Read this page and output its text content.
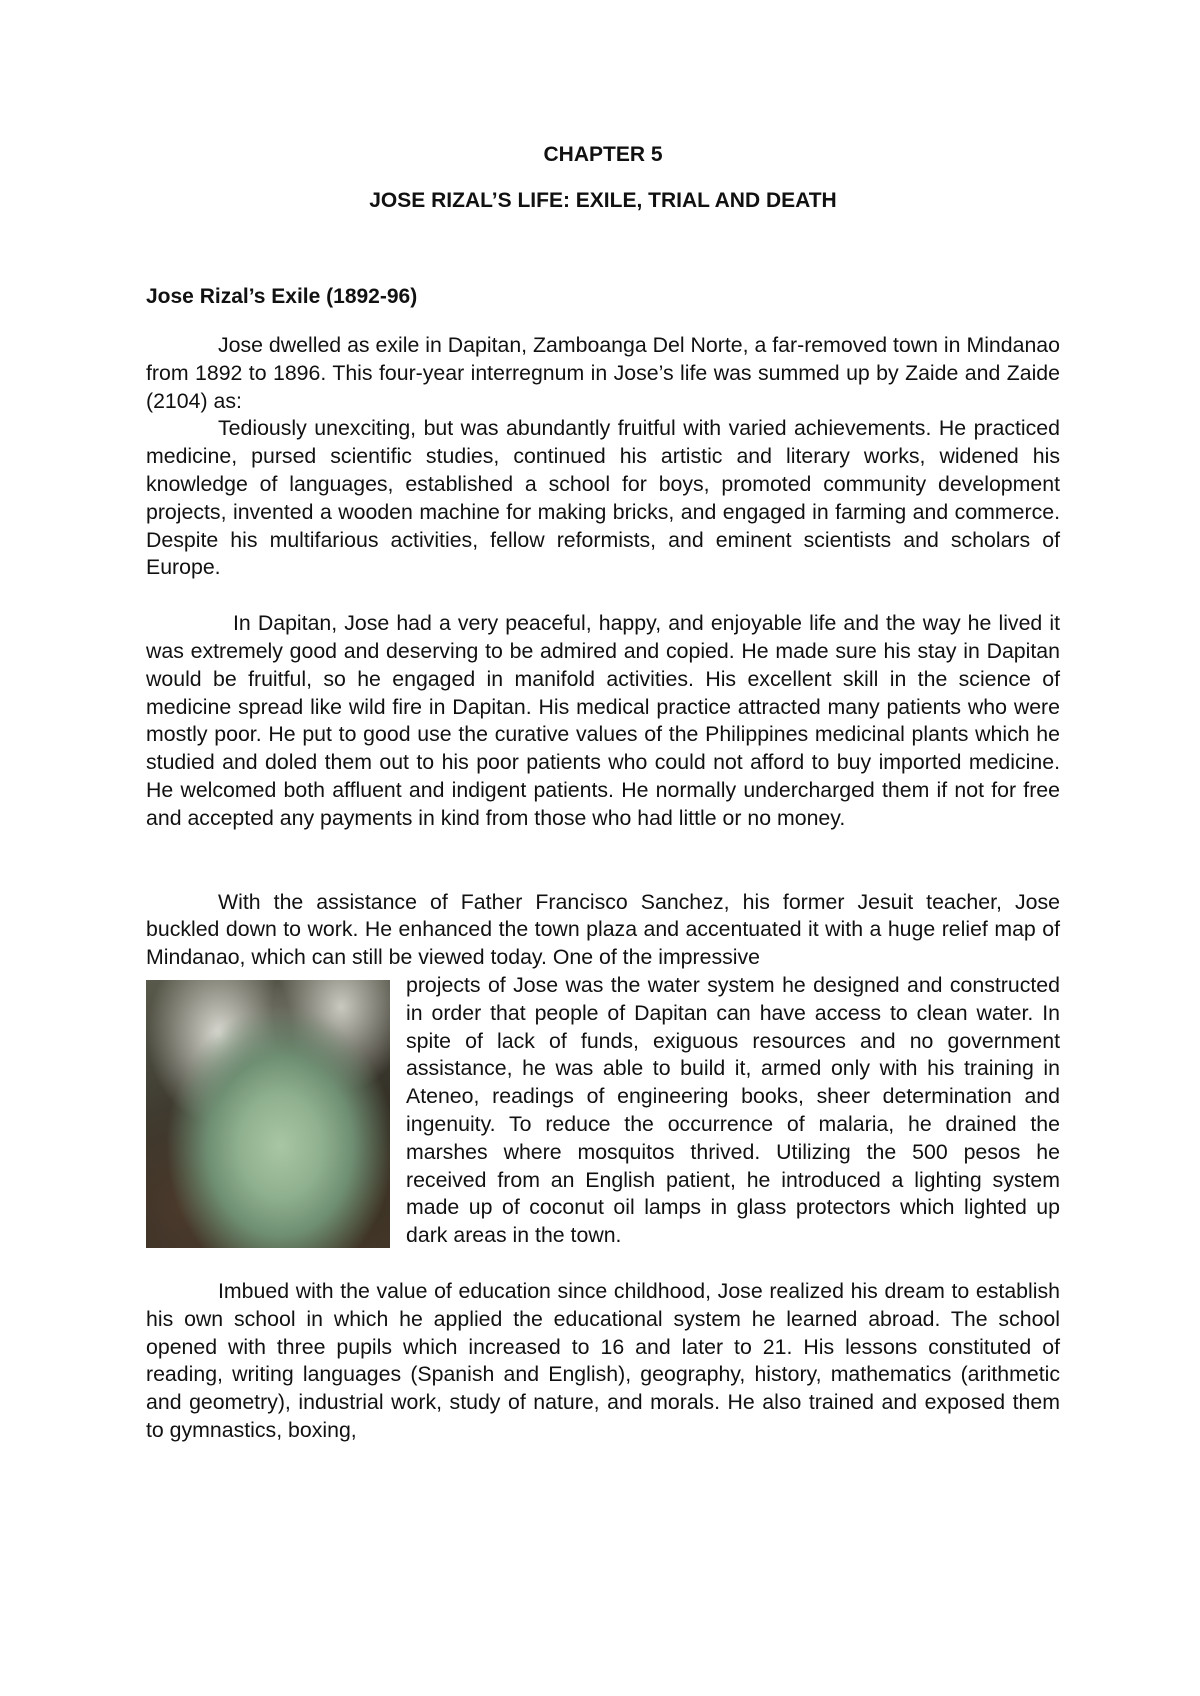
CHAPTER 5
JOSE RIZAL’S LIFE: EXILE, TRIAL AND DEATH
Jose Rizal’s Exile (1892-96)

Jose dwelled as exile in Dapitan, Zamboanga Del Norte, a far-removed town in Mindanao from 1892 to 1896. This four-year interregnum in Jose’s life was summed up by Zaide and Zaide (2104) as:

Tediously unexciting, but was abundantly fruitful with varied achievements. He practiced medicine, pursed scientific studies, continued his artistic and literary works, widened his knowledge of languages, established a school for boys, promoted community development projects, invented a wooden machine for making bricks, and engaged in farming and commerce. Despite his multifarious activities, fellow reformists, and eminent scientists and scholars of Europe.

In Dapitan, Jose had a very peaceful, happy, and enjoyable life and the way he lived it was extremely good and deserving to be admired and copied. He made sure his stay in Dapitan would be fruitful, so he engaged in manifold activities. His excellent skill in the science of medicine spread like wild fire in Dapitan. His medical practice attracted many patients who were mostly poor. He put to good use the curative values of the Philippines medicinal plants which he studied and doled them out to his poor patients who could not afford to buy imported medicine. He welcomed both affluent and indigent patients. He normally undercharged them if not for free and accepted any payments in kind from those who had little or no money.

With the assistance of Father Francisco Sanchez, his former Jesuit teacher, Jose buckled down to work. He enhanced the town plaza and accentuated it with a huge relief map of Mindanao, which can still be viewed today. One of the impressive

projects of Jose was the water system he designed and constructed in order that people of Dapitan can have access to clean water. In spite of lack of funds, exiguous resources and no government assistance, he was able to build it, armed only with his training in Ateneo, readings of engineering books, sheer determination and ingenuity. To reduce the occurrence of malaria, he drained the marshes where mosquitos thrived. Utilizing the 500 pesos he received from an English patient, he introduced a lighting system made up of coconut oil lamps in glass protectors which lighted up dark areas in the town.

Imbued with the value of education since childhood, Jose realized his dream to establish his own school in which he applied the educational system he learned abroad. The school opened with three pupils which increased to 16 and later to 21. His lessons constituted of reading, writing languages (Spanish and English), geography, history, mathematics (arithmetic and geometry), industrial work, study of nature, and morals. He also trained and exposed them to gymnastics, boxing,
